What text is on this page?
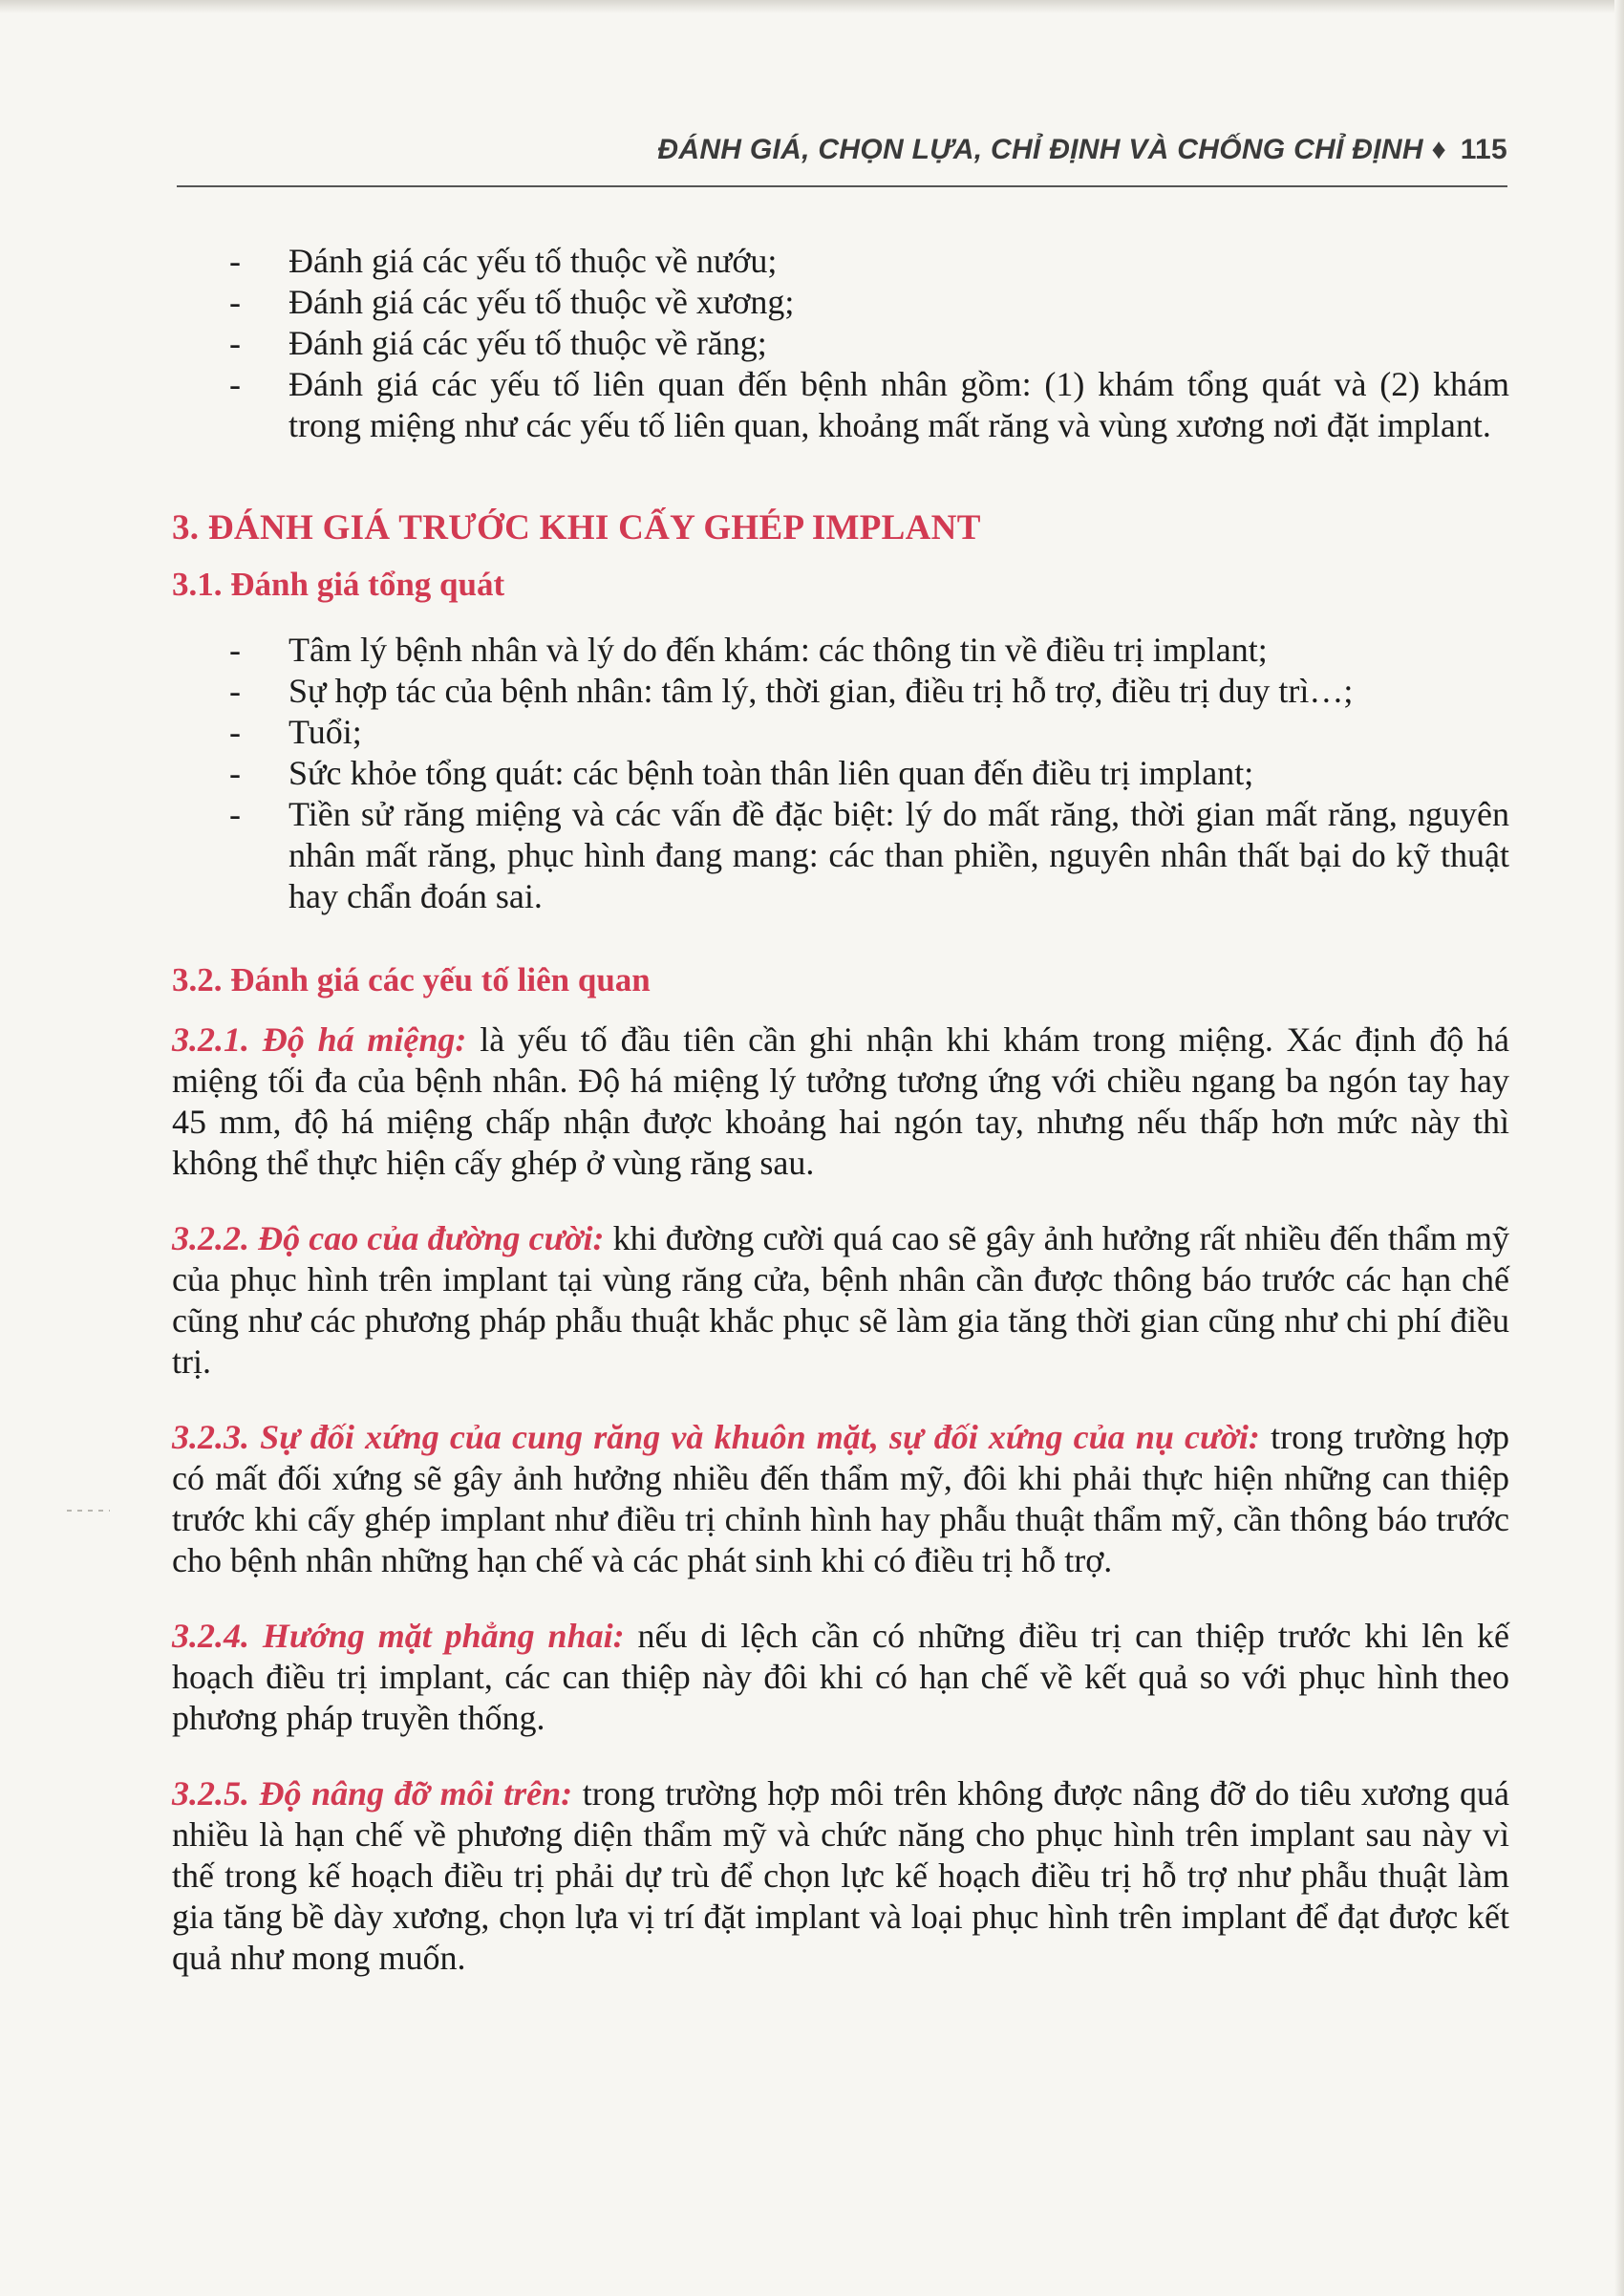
ĐÁNH GIÁ, CHỌN LỰA, CHỈ ĐỊNH VÀ CHỐNG CHỈ ĐỊNH ♦ 115
- Đánh giá các yếu tố thuộc về nướu;
- Đánh giá các yếu tố thuộc về xương;
- Đánh giá các yếu tố thuộc về răng;
- Đánh giá các yếu tố liên quan đến bệnh nhân gồm: (1) khám tổng quát và (2) khám trong miệng như các yếu tố liên quan, khoảng mất răng và vùng xương nơi đặt implant.
3. ĐÁNH GIÁ TRƯỚC KHI CẤY GHÉP IMPLANT
3.1. Đánh giá tổng quát
- Tâm lý bệnh nhân và lý do đến khám: các thông tin về điều trị implant;
- Sự hợp tác của bệnh nhân: tâm lý, thời gian, điều trị hỗ trợ, điều trị duy trì…;
- Tuổi;
- Sức khỏe tổng quát: các bệnh toàn thân liên quan đến điều trị implant;
- Tiền sử răng miệng và các vấn đề đặc biệt: lý do mất răng, thời gian mất răng, nguyên nhân mất răng, phục hình đang mang: các than phiền, nguyên nhân thất bại do kỹ thuật hay chẩn đoán sai.
3.2. Đánh giá các yếu tố liên quan

3.2.1. Độ há miệng: là yếu tố đầu tiên cần ghi nhận khi khám trong miệng. Xác định độ há miệng tối đa của bệnh nhân. Độ há miệng lý tưởng tương ứng với chiều ngang ba ngón tay hay 45 mm, độ há miệng chấp nhận được khoảng hai ngón tay, nhưng nếu thấp hơn mức này thì không thể thực hiện cấy ghép ở vùng răng sau.

3.2.2. Độ cao của đường cười: khi đường cười quá cao sẽ gây ảnh hưởng rất nhiều đến thẩm mỹ của phục hình trên implant tại vùng răng cửa, bệnh nhân cần được thông báo trước các hạn chế cũng như các phương pháp phẫu thuật khắc phục sẽ làm gia tăng thời gian cũng như chi phí điều trị.

3.2.3. Sự đối xứng của cung răng và khuôn mặt, sự đối xứng của nụ cười: trong trường hợp có mất đối xứng sẽ gây ảnh hưởng nhiều đến thẩm mỹ, đôi khi phải thực hiện những can thiệp trước khi cấy ghép implant như điều trị chỉnh hình hay phẫu thuật thẩm mỹ, cần thông báo trước cho bệnh nhân những hạn chế và các phát sinh khi có điều trị hỗ trợ.

3.2.4. Hướng mặt phẳng nhai: nếu di lệch cần có những điều trị can thiệp trước khi lên kế hoạch điều trị implant, các can thiệp này đôi khi có hạn chế về kết quả so với phục hình theo phương pháp truyền thống.

3.2.5. Độ nâng đỡ môi trên: trong trường hợp môi trên không được nâng đỡ do tiêu xương quá nhiều là hạn chế về phương diện thẩm mỹ và chức năng cho phục hình trên implant sau này vì thế trong kế hoạch điều trị phải dự trù để chọn lực kế hoạch điều trị hỗ trợ như phẫu thuật làm gia tăng bề dày xương, chọn lựa vị trí đặt implant và loại phục hình trên implant để đạt được kết quả như mong muốn.
